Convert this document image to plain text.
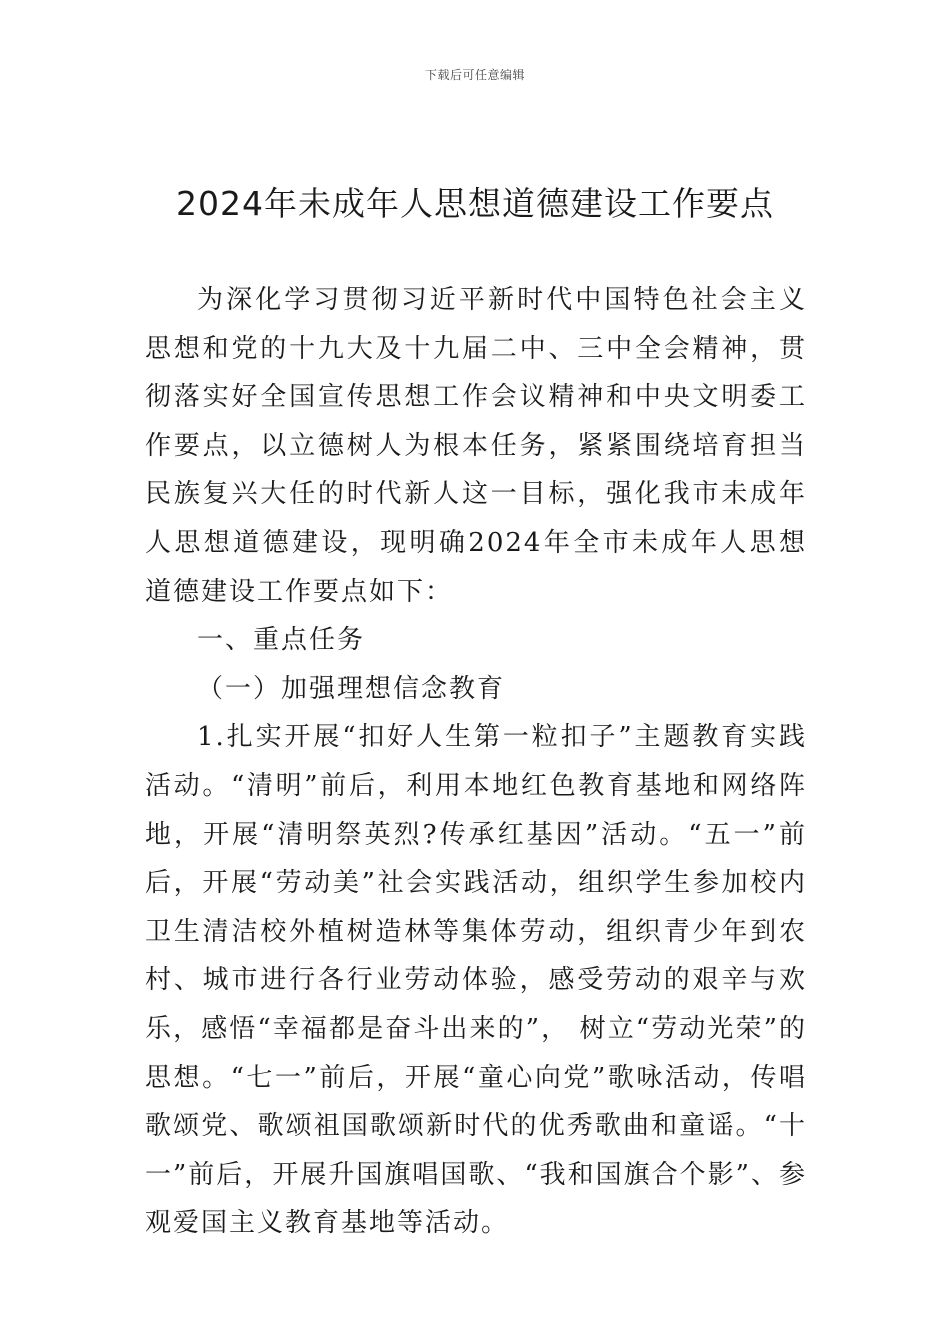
下载后可任意编辑
2024年未成年人思想道德建设工作要点

为深化学习贯彻习近平新时代中国特色社会主义思想和党的十九大及十九届二中、三中全会精神，贯彻落实好全国宣传思想工作会议精神和中央文明委工作要点，以立德树人为根本任务，紧紧围绕培育担当民族复兴大任的时代新人这一目标，强化我市未成年人思想道德建设，现明确2024年全市未成年人思想道德建设工作要点如下：

一、重点任务

（一）加强理想信念教育

1.扎实开展“扣好人生第一粒扣子”主题教育实践活动。“清明”前后，利用本地红色教育基地和网络阵地，开展“清明祭英烈?传承红基因”活动。“五一”前后，开展“劳动美”社会实践活动，组织学生参加校内卫生清洁校外植树造林等集体劳动，组织青少年到农村、城市进行各行业劳动体验，感受劳动的艰辛与欢乐，感悟“幸福都是奋斗出来的”， 树立“劳动光荣”的思想。“七一”前后，开展“童心向党”歌咏活动，传唱歌颂党、歌颂祖国歌颂新时代的优秀歌曲和童谣。“十一”前后，开展升国旗唱国歌、“我和国旗合个影”、参观爱国主义教育基地等活动。
